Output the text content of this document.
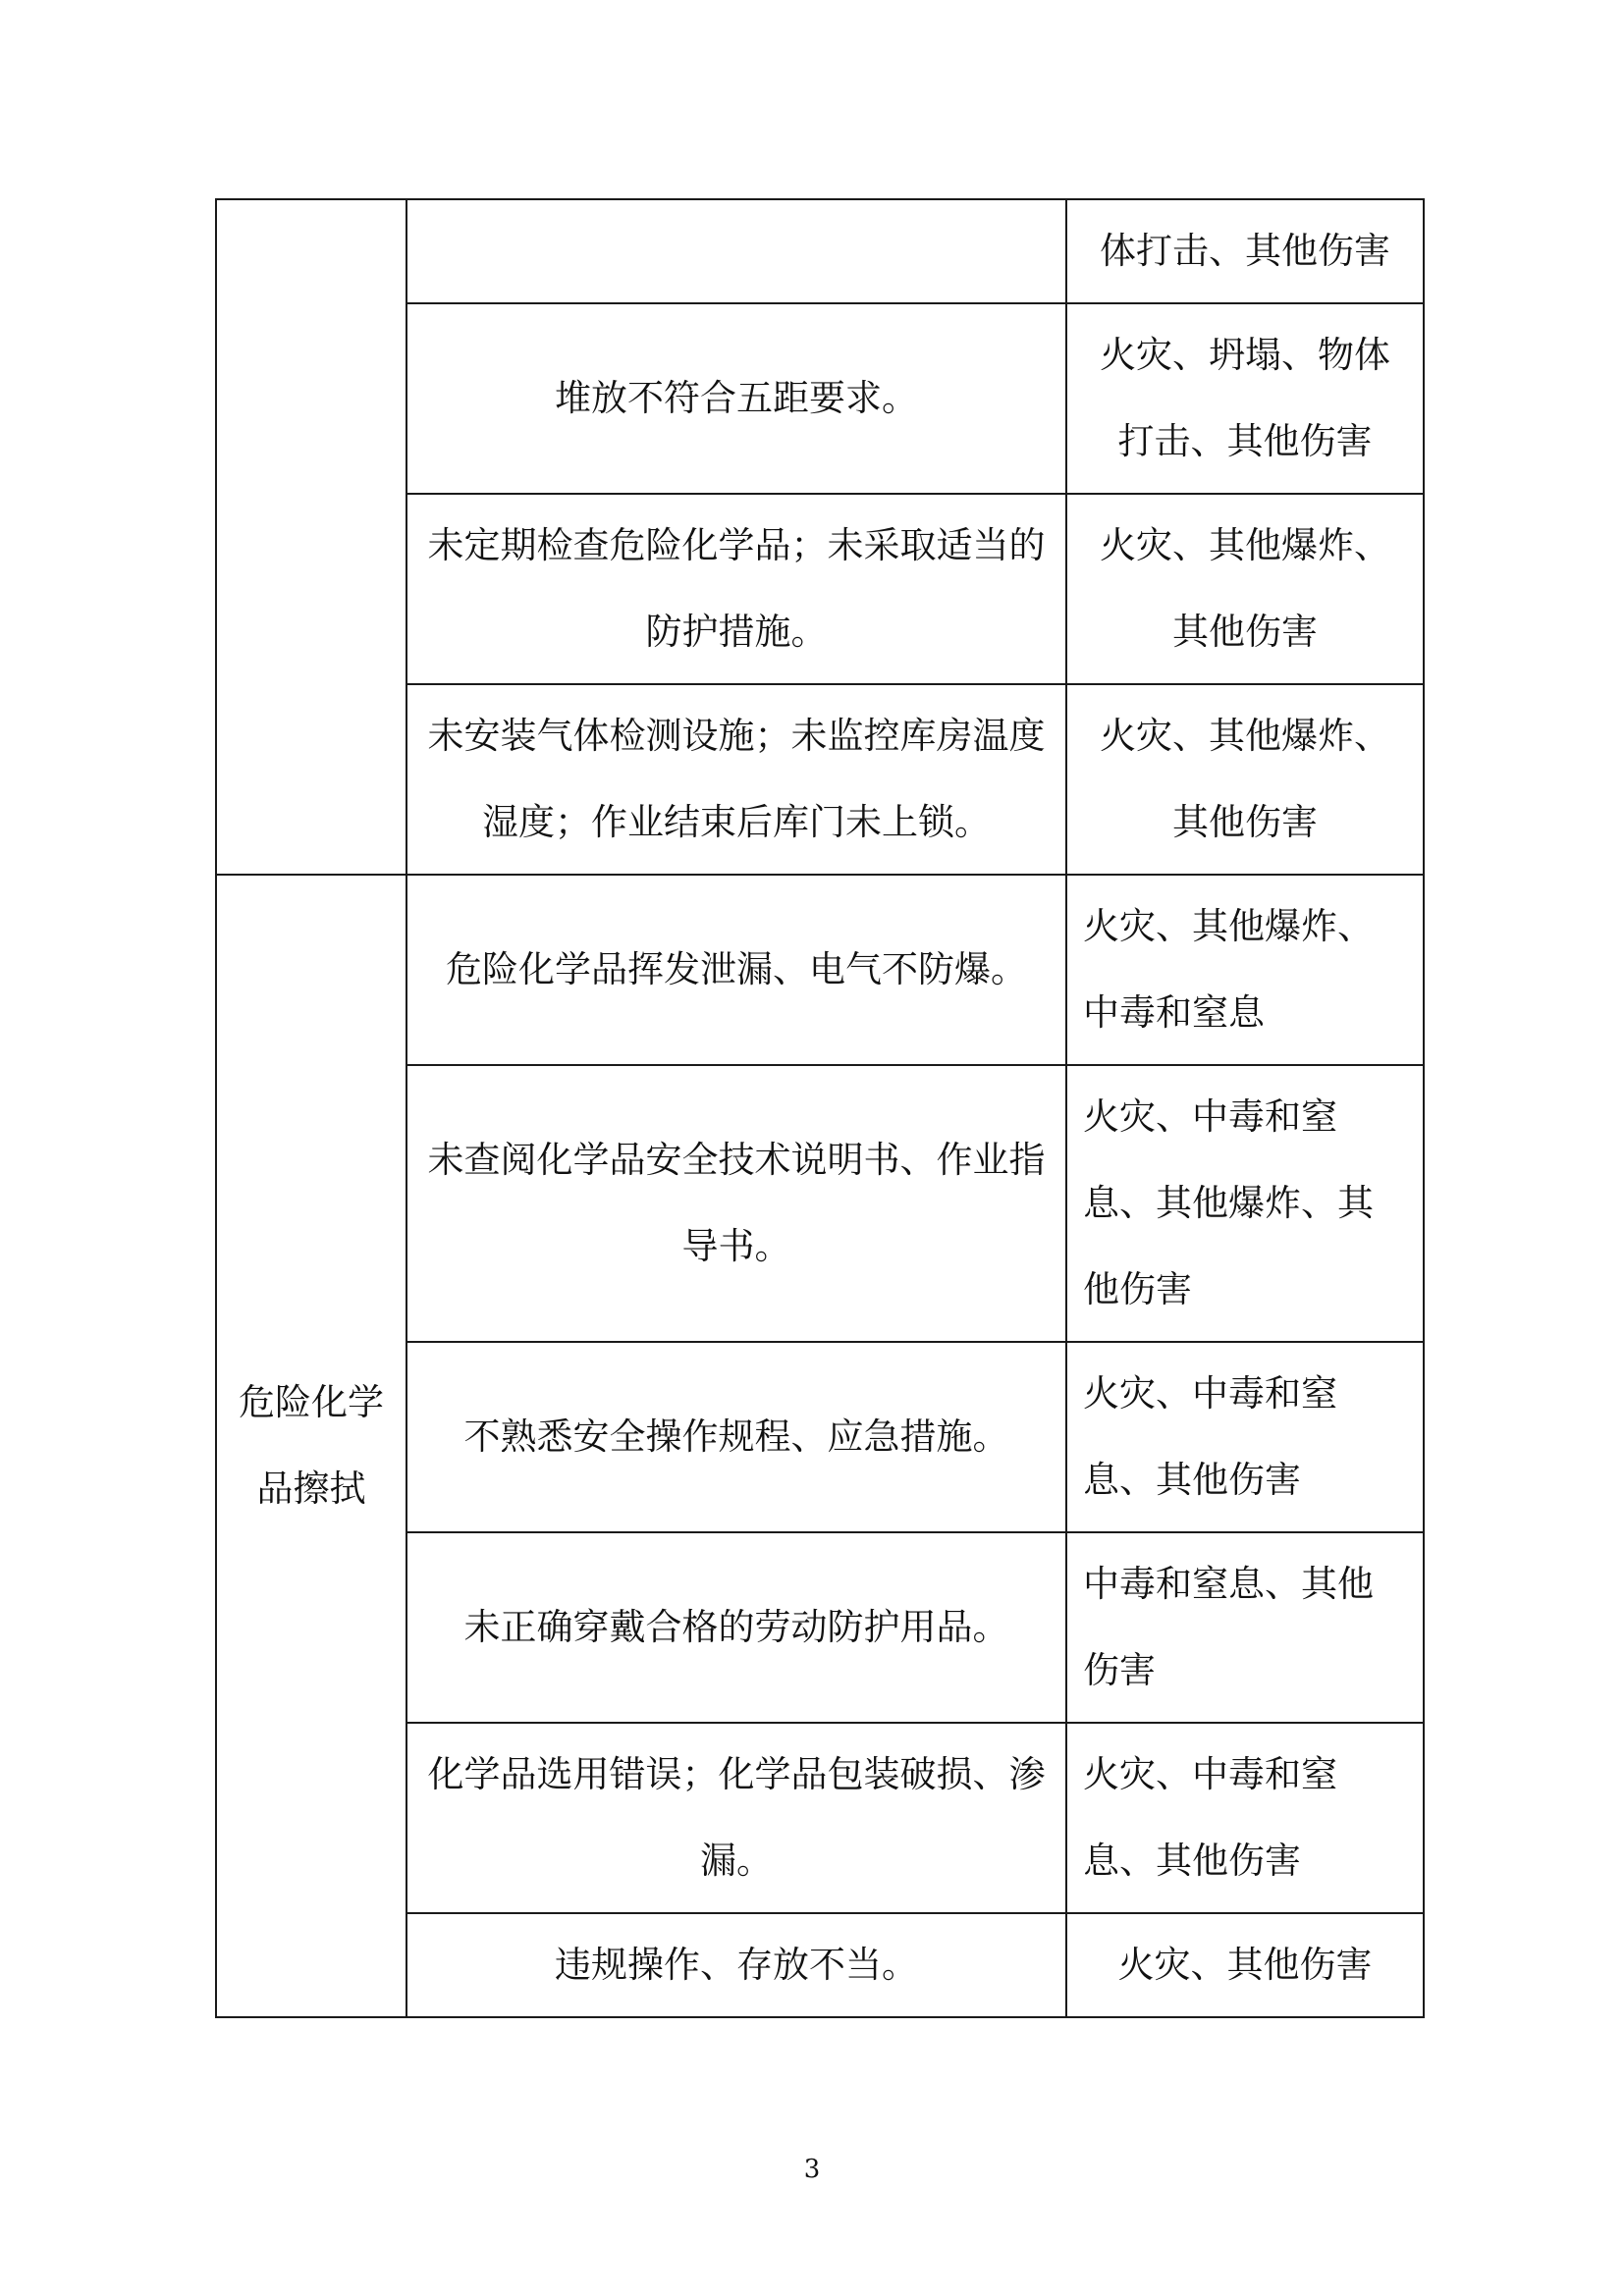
		体打击、其他伤害
	堆放不符合五距要求。	火灾、坍塌、物体打击、其他伤害
	未定期检查危险化学品；未采取适当的防护措施。	火灾、其他爆炸、其他伤害
	未安装气体检测设施；未监控库房温度湿度；作业结束后库门未上锁。	火灾、其他爆炸、其他伤害
危险化学品擦拭	危险化学品挥发泄漏、电气不防爆。	火灾、其他爆炸、中毒和窒息
	未查阅化学品安全技术说明书、作业指导书。	火灾、中毒和窒息、其他爆炸、其他伤害
	不熟悉安全操作规程、应急措施。	火灾、中毒和窒息、其他伤害
	未正确穿戴合格的劳动防护用品。	中毒和窒息、其他伤害
	化学品选用错误；化学品包装破损、渗漏。	火灾、中毒和窒息、其他伤害
	违规操作、存放不当。	火灾、其他伤害
3
